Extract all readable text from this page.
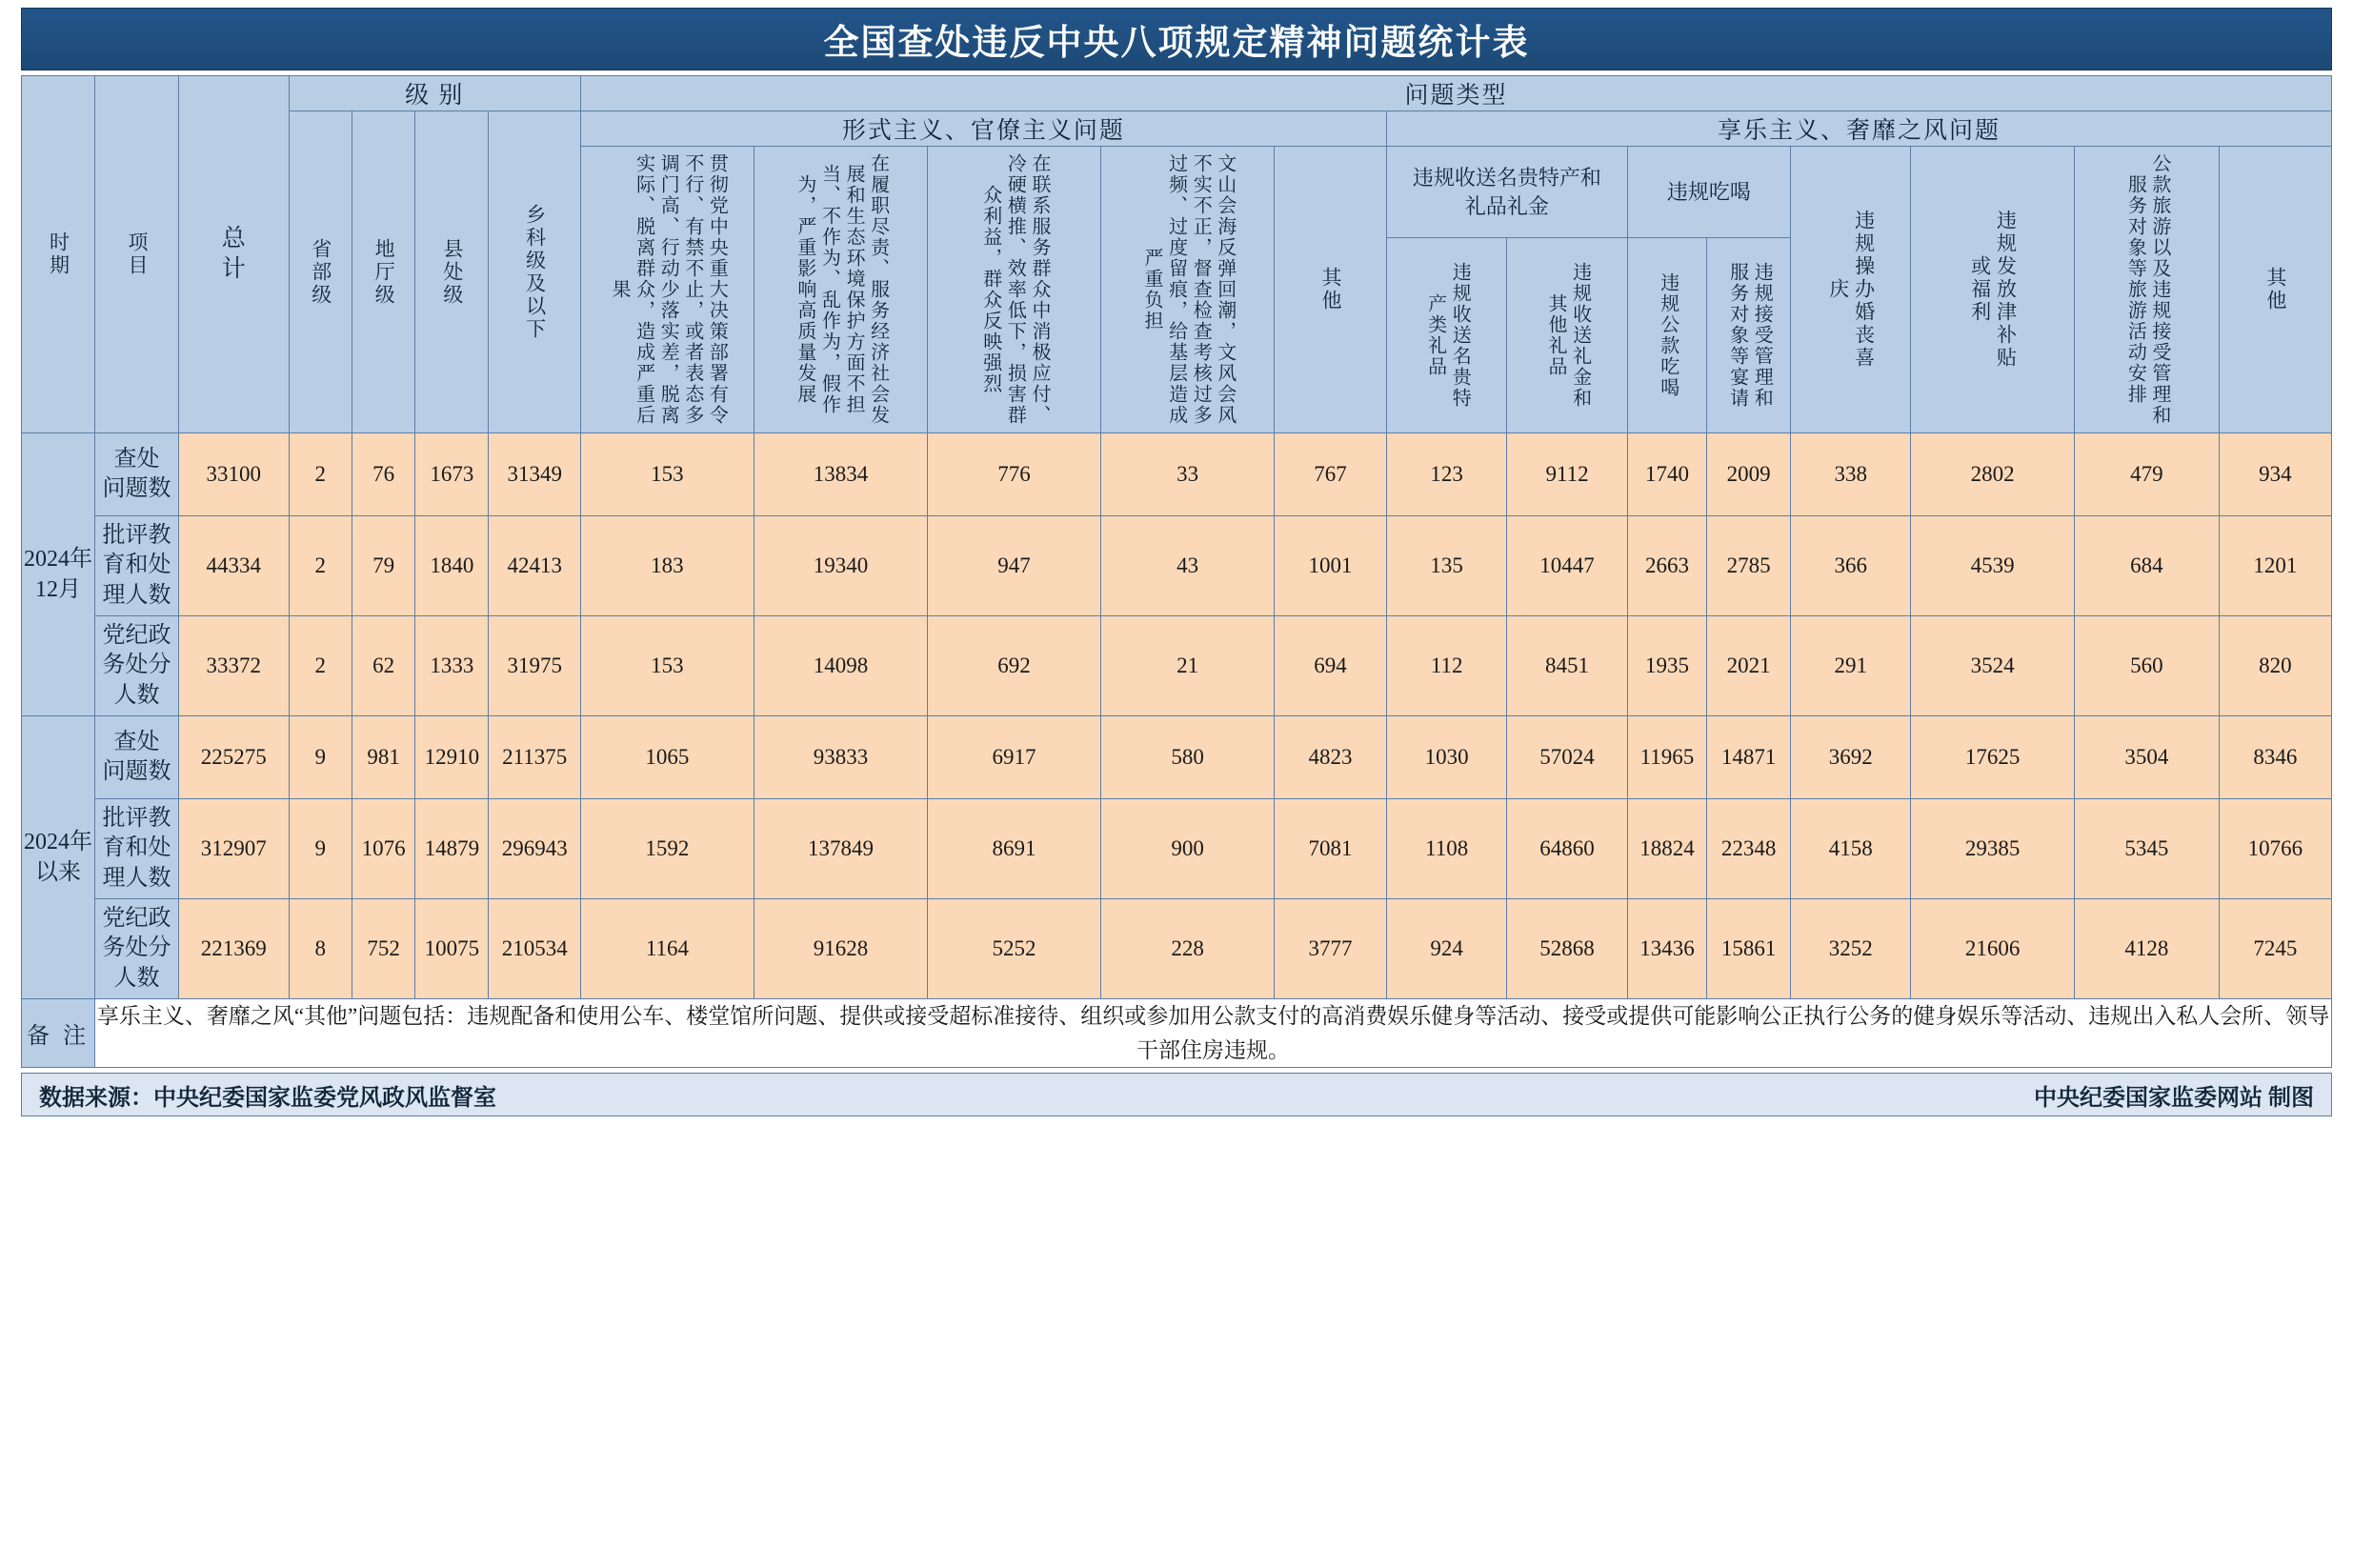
全国查处违反中央八项规定精神问题统计表
时期	项目	总
计	级 别				问题类型												

			省部级	地厅级	县处级	乡科级及以下	形式主义、官僚主义问题					享乐主义、奢靡之风问题							

							贯彻党中央重大决策部署有令不行、有禁不止，或者表态多调门高、行动少落实差，脱离实际、脱离群众，造成严重后果	在履职尽责、服务经济社会发展和生态环境保护方面不担当、不作为、乱作为，假作为，严重影响高质量发展	在联系服务群众中消极应付、冷硬横推、效率低下，损害群众利益，群众反映强烈	文山会海反弹回潮，文风会风不实不正，督查检查考核过多过频、过度留痕，给基层造成严重负担	其他	违规收送名贵特产和礼品礼金		违规吃喝		违规操办婚丧喜庆	违规发放津补贴或福利	公款旅游以及违规接受管理和服务对象等旅游活动安排	其他

												违规收送名贵特产类礼品	违规收送礼金和其他礼品	违规公款吃喝	违规接受管理和服务对象等宴请				

2024年
12月	查处
问题数	33100	2	76	1673	31349	153	13834	776	33	767	123	9112	1740	2009	338	2802	479	934

	批评教
育和处
理人数	44334	2	79	1840	42413	183	19340	947	43	1001	135	10447	2663	2785	366	4539	684	1201

	党纪政
务处分
人数	33372	2	62	1333	31975	153	14098	692	21	694	112	8451	1935	2021	291	3524	560	820

2024年
以来	查处
问题数	225275	9	981	12910	211375	1065	93833	6917	580	4823	1030	57024	11965	14871	3692	17625	3504	8346

	批评教
育和处
理人数	312907	9	1076	14879	296943	1592	137849	8691	900	7081	1108	64860	18824	22348	4158	29385	5345	10766

	党纪政
务处分
人数	221369	8	752	10075	210534	1164	91628	5252	228	3777	924	52868	13436	15861	3252	21606	4128	7245
备 注	享乐主义、奢靡之风“其他”问题包括：违规配备和使用公车、楼堂馆所问题、提供或接受超标准接待、组织或参加用公款支付的高消费娱乐健身等活动、接受或提供可能影响公正执行公务的健身娱乐等活动、违规出入私人会所、领导干部住房违规。																		
数据来源：中央纪委国家监委党风政风监督室	中央纪委国家监委网站 制图
